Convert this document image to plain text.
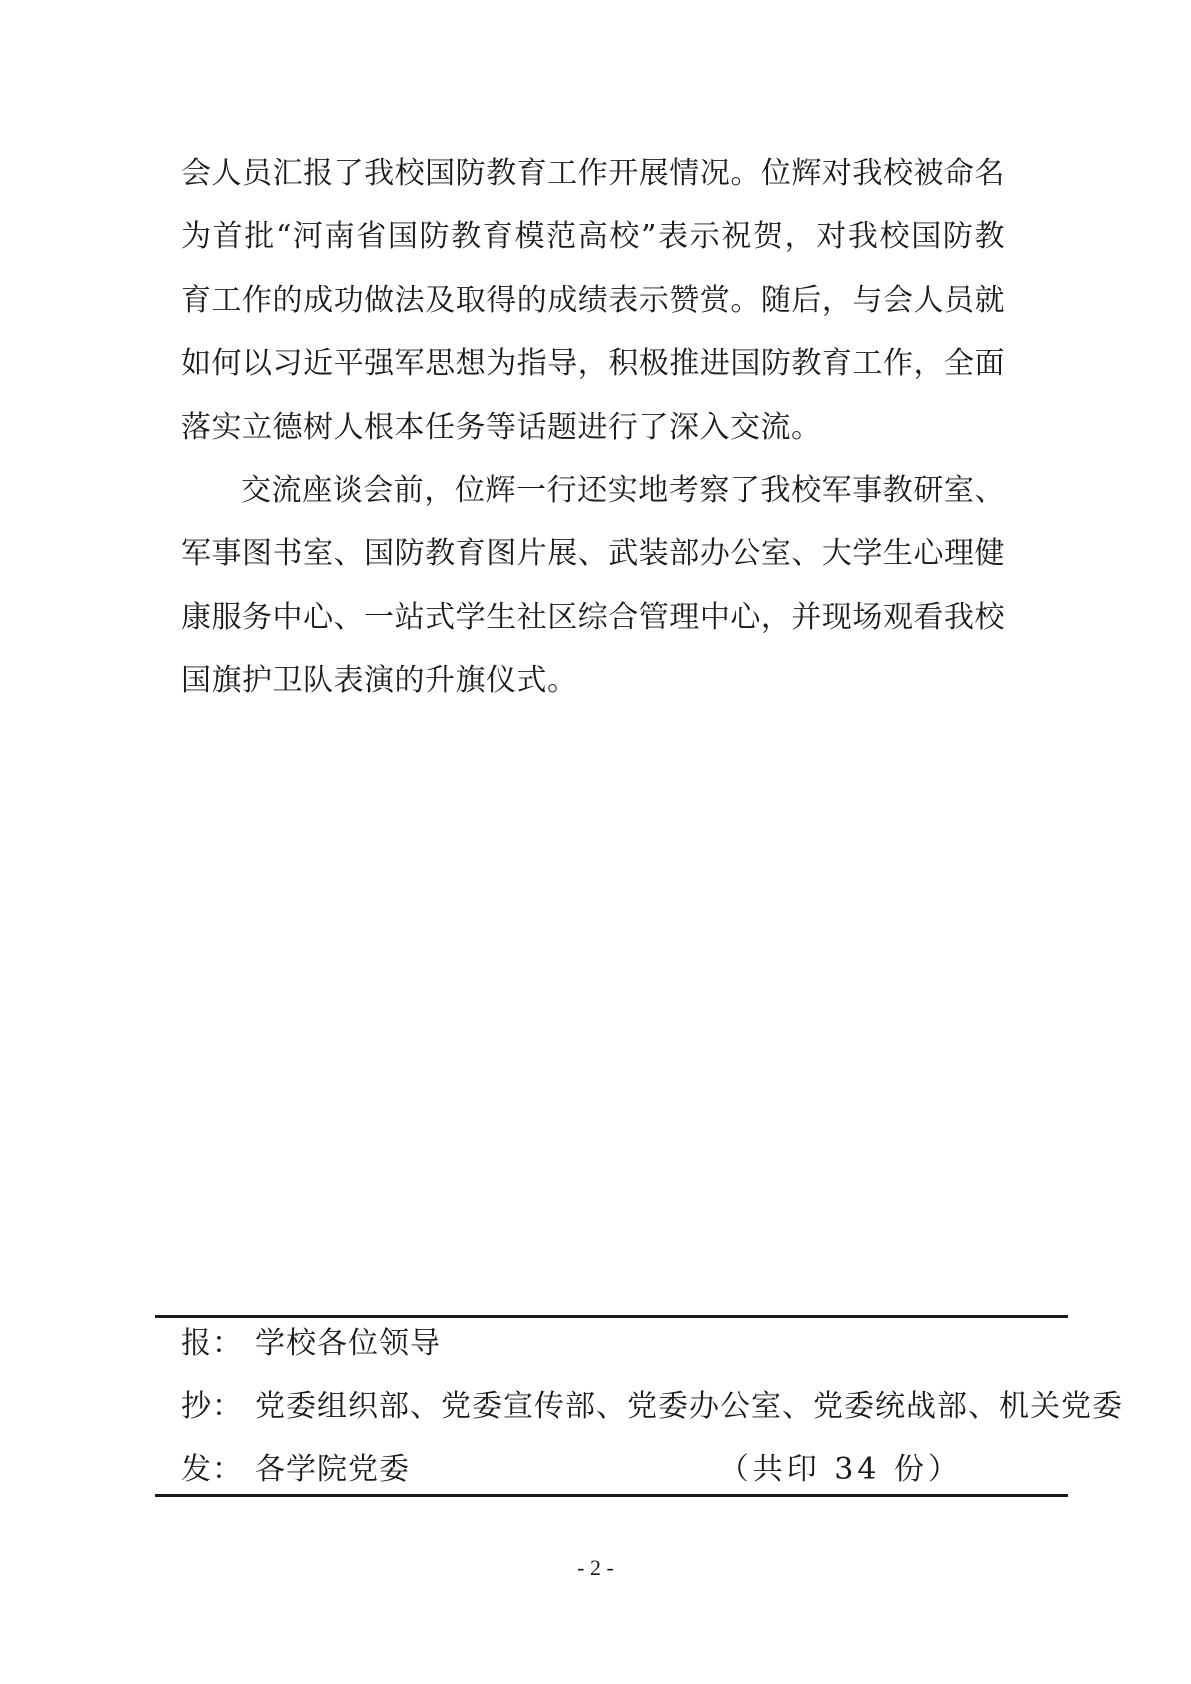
会人员汇报了我校国防教育工作开展情况。位辉对我校被命名为首批“河南省国防教育模范高校”表示祝贺，对我校国防教育工作的成功做法及取得的成绩表示赞赏。随后，与会人员就如何以习近平强军思想为指导，积极推进国防教育工作，全面落实立德树人根本任务等话题进行了深入交流。

交流座谈会前，位辉一行还实地考察了我校军事教研室、军事图书室、国防教育图片展、武装部办公室、大学生心理健康服务中心、一站式学生社区综合管理中心，并现场观看我校国旗护卫队表演的升旗仪式。

报： 学校各位领导
抄： 党委组织部、党委宣传部、党委办公室、党委统战部、机关党委
发： 各学院党委	（共印 34 份）
- 2 -
